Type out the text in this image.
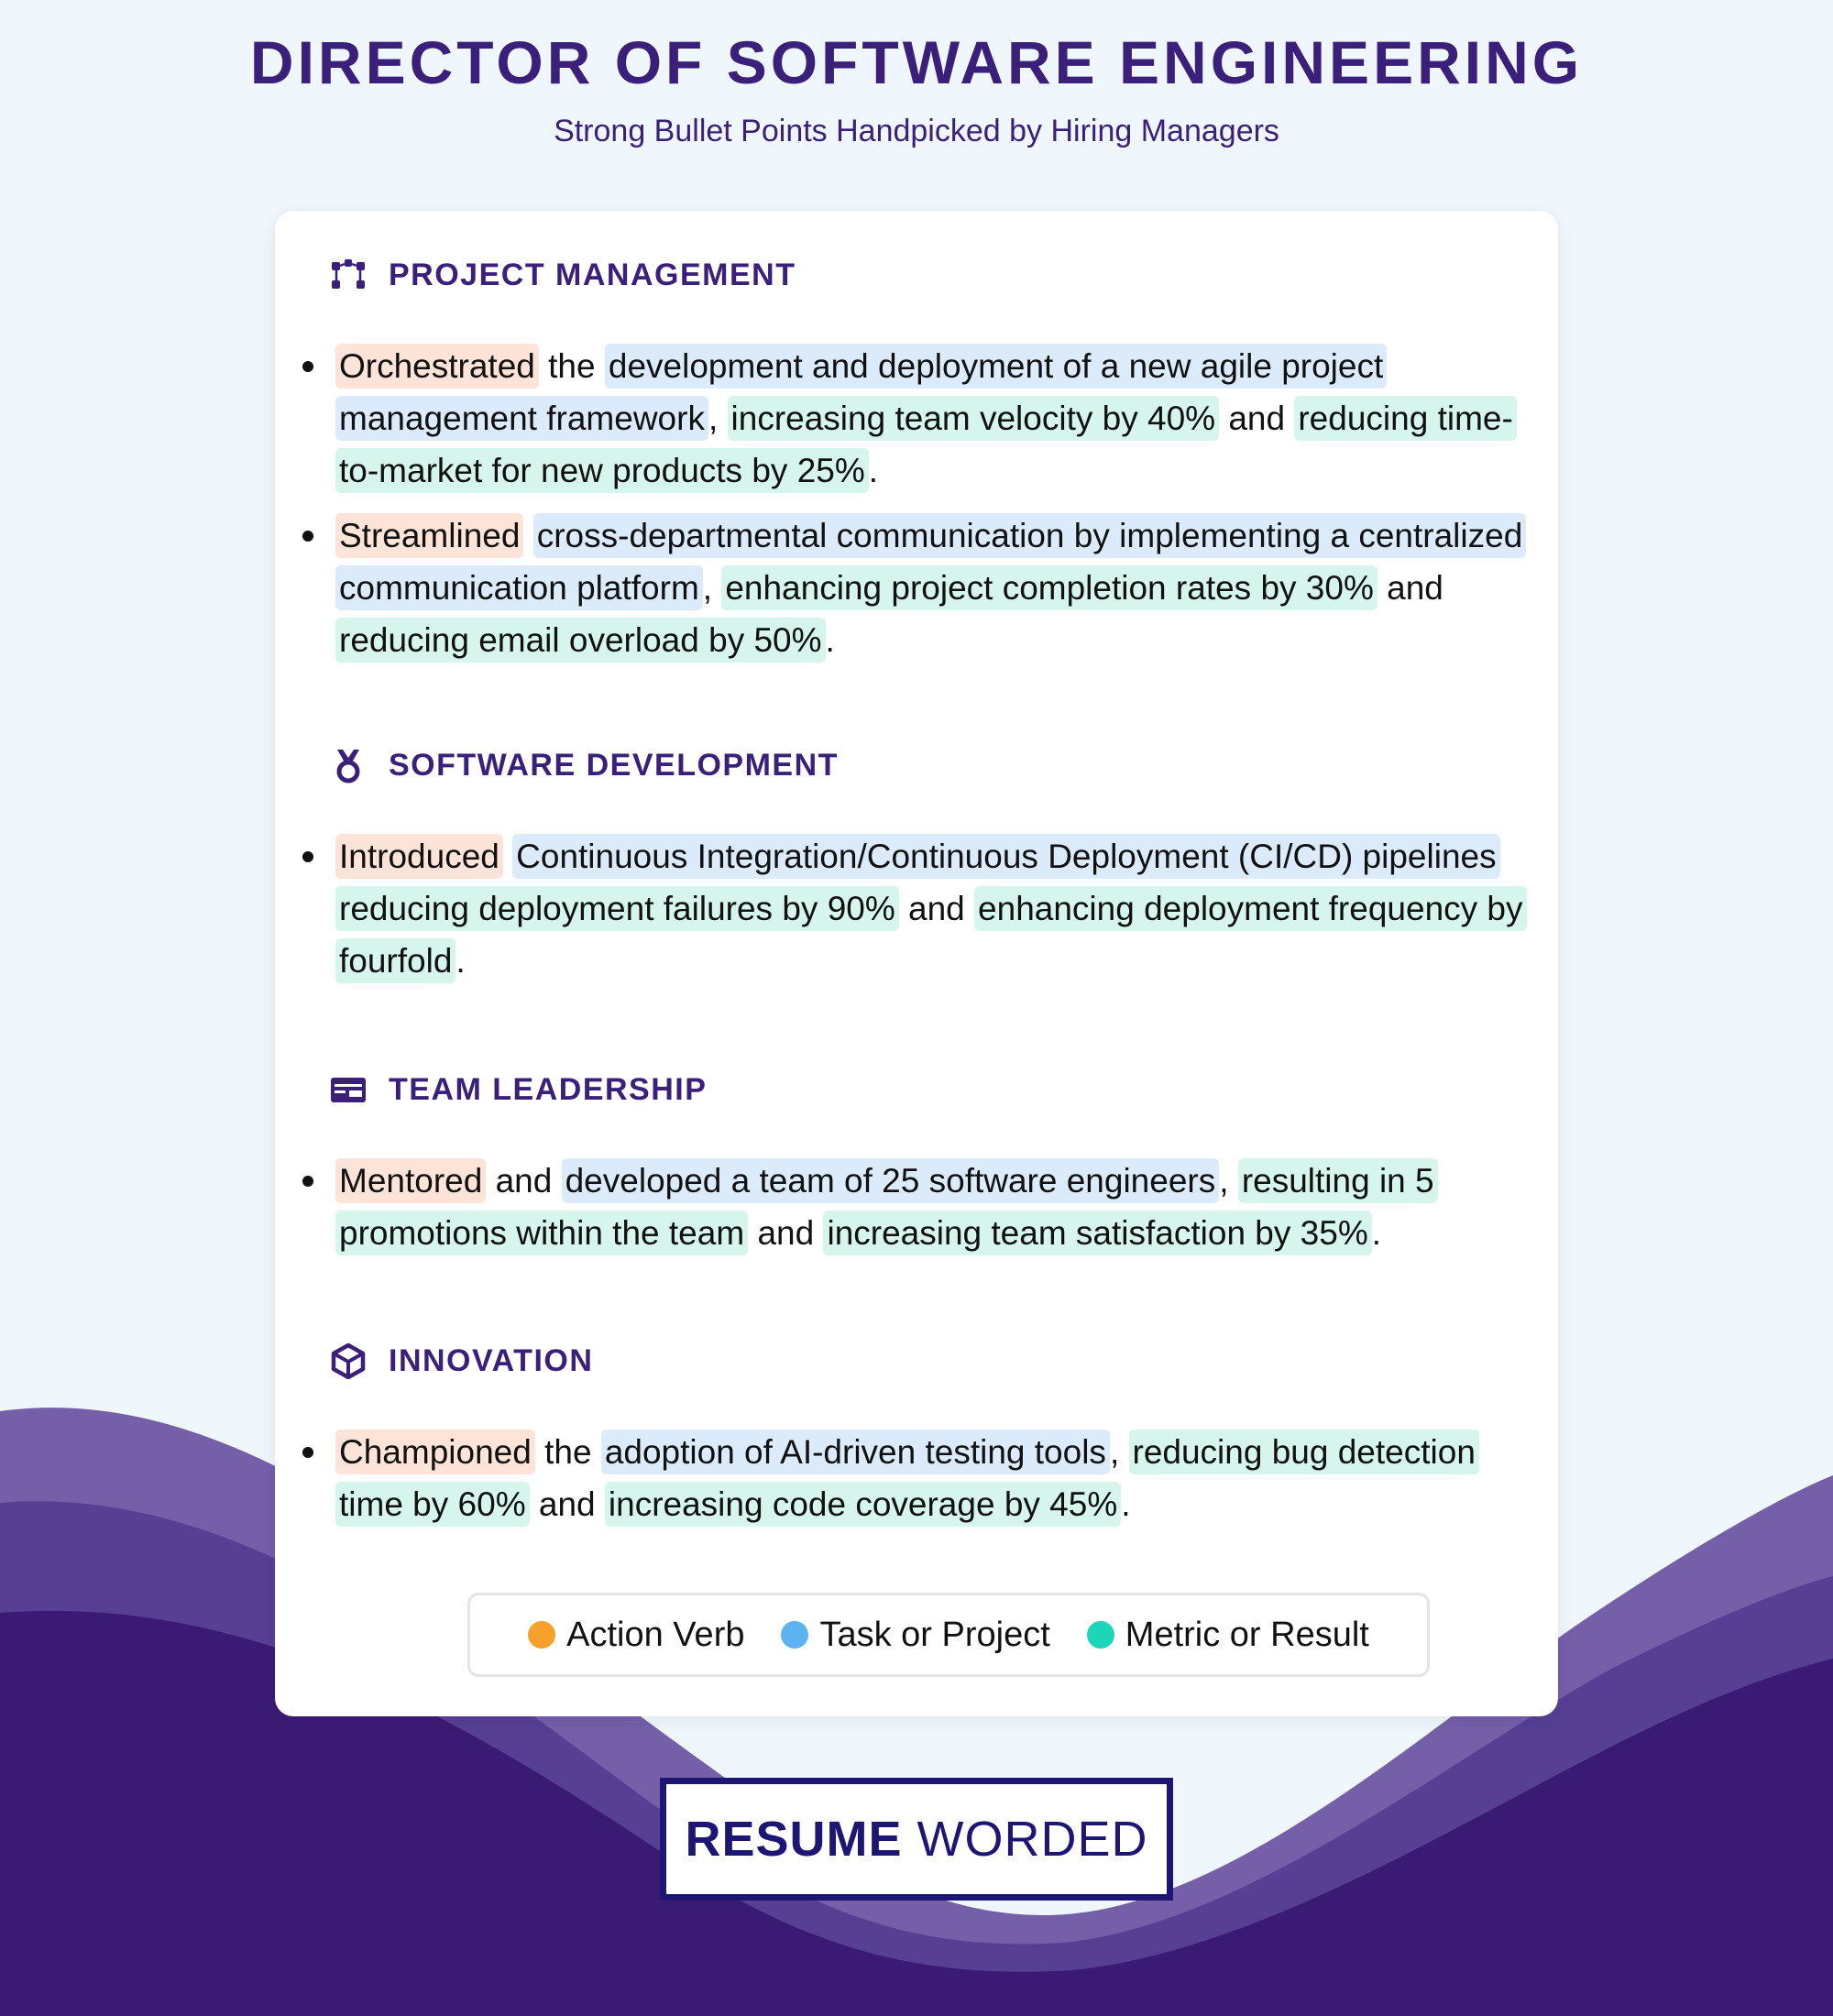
DIRECTOR OF SOFTWARE ENGINEERING
Strong Bullet Points Handpicked by Hiring Managers
PROJECT MANAGEMENT
Orchestrated the development and deployment of a new agile project management framework , increasing team velocity by 40% and reducing time-to-market for new products by 25% .
Streamlined cross-departmental communication by implementing a centralized communication platform , enhancing project completion rates by 30% and reducing email overload by 50% .
SOFTWARE DEVELOPMENT
Introduced Continuous Integration/Continuous Deployment (CI/CD) pipelines reducing deployment failures by 90% and enhancing deployment frequency by fourfold .
TEAM LEADERSHIP
Mentored and developed a team of 25 software engineers , resulting in 5 promotions within the team and increasing team satisfaction by 35% .
INNOVATION
Championed the adoption of AI-driven testing tools , reducing bug detection time by 60% and increasing code coverage by 45% .
Action Verb Task or Project Metric or Result
RESUME WORDED
